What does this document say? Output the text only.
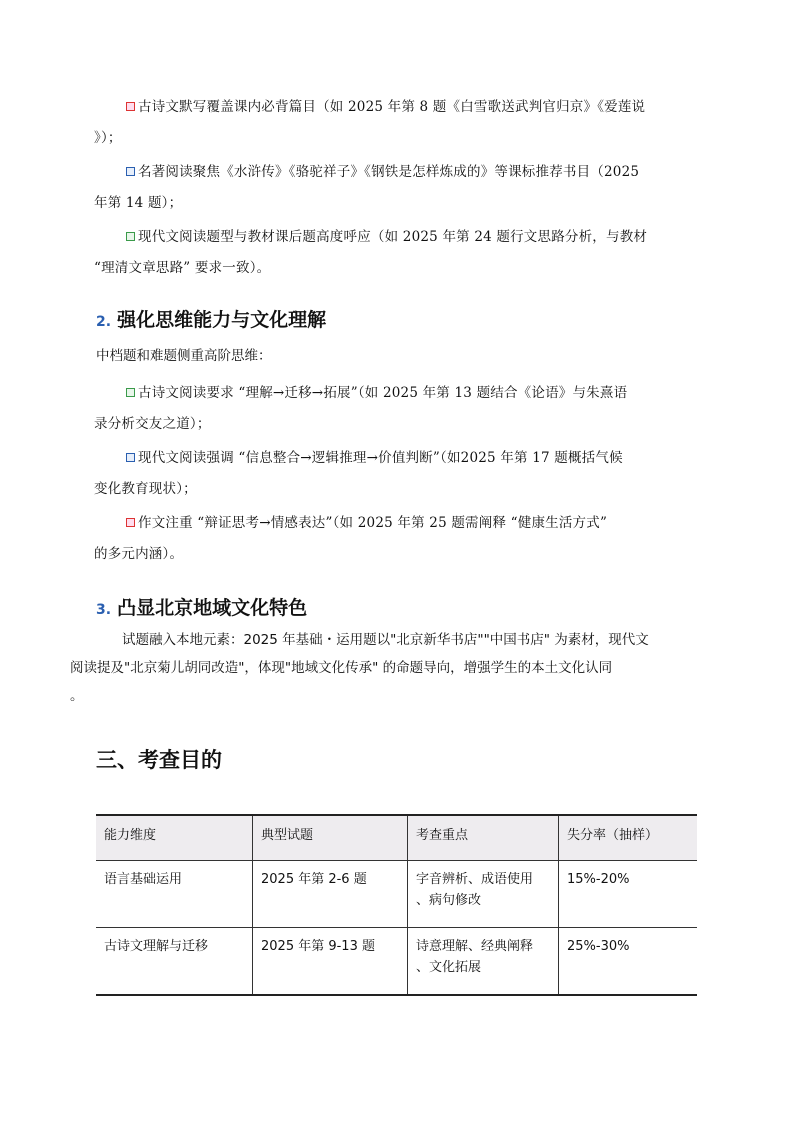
古诗文默写覆盖课内必背篇目（如 2025 年第 8 题《白雪歌送武判官归京》《爱莲说
》）；
名著阅读聚焦《水浒传》《骆驼祥子》《钢铁是怎样炼成的》等课标推荐书目（2025
年第 14 题）；
现代文阅读题型与教材课后题高度呼应（如 2025 年第 24 题行文思路分析，与教材
“理清文章思路” 要求一致）。
2. 强化思维能力与文化理解
中档题和难题侧重高阶思维：
古诗文阅读要求 “理解→迁移→拓展”（如 2025 年第 13 题结合《论语》与朱熹语
录分析交友之道）；
现代文阅读强调 “信息整合→逻辑推理→价值判断”（如2025 年第 17 题概括气候
变化教育现状）；
作文注重 “辩证思考→情感表达”（如 2025 年第 25 题需阐释 “健康生活方式”
的多元内涵）。
3. 凸显北京地域文化特色
试题融入本地元素：2025 年基础・运用题以"北京新华书店""中国书店" 为素材，现代文
阅读提及"北京菊儿胡同改造"，体现"地域文化传承" 的命题导向，增强学生的本土文化认同
。
三、考查目的
能力维度	典型试题	考查重点	失分率（抽样）
语言基础运用	2025 年第 2-6 题	字音辨析、成语使用
、病句修改	15%-20%
古诗文理解与迁移	2025 年第 9-13 题	诗意理解、经典阐释
、文化拓展	25%-30%
